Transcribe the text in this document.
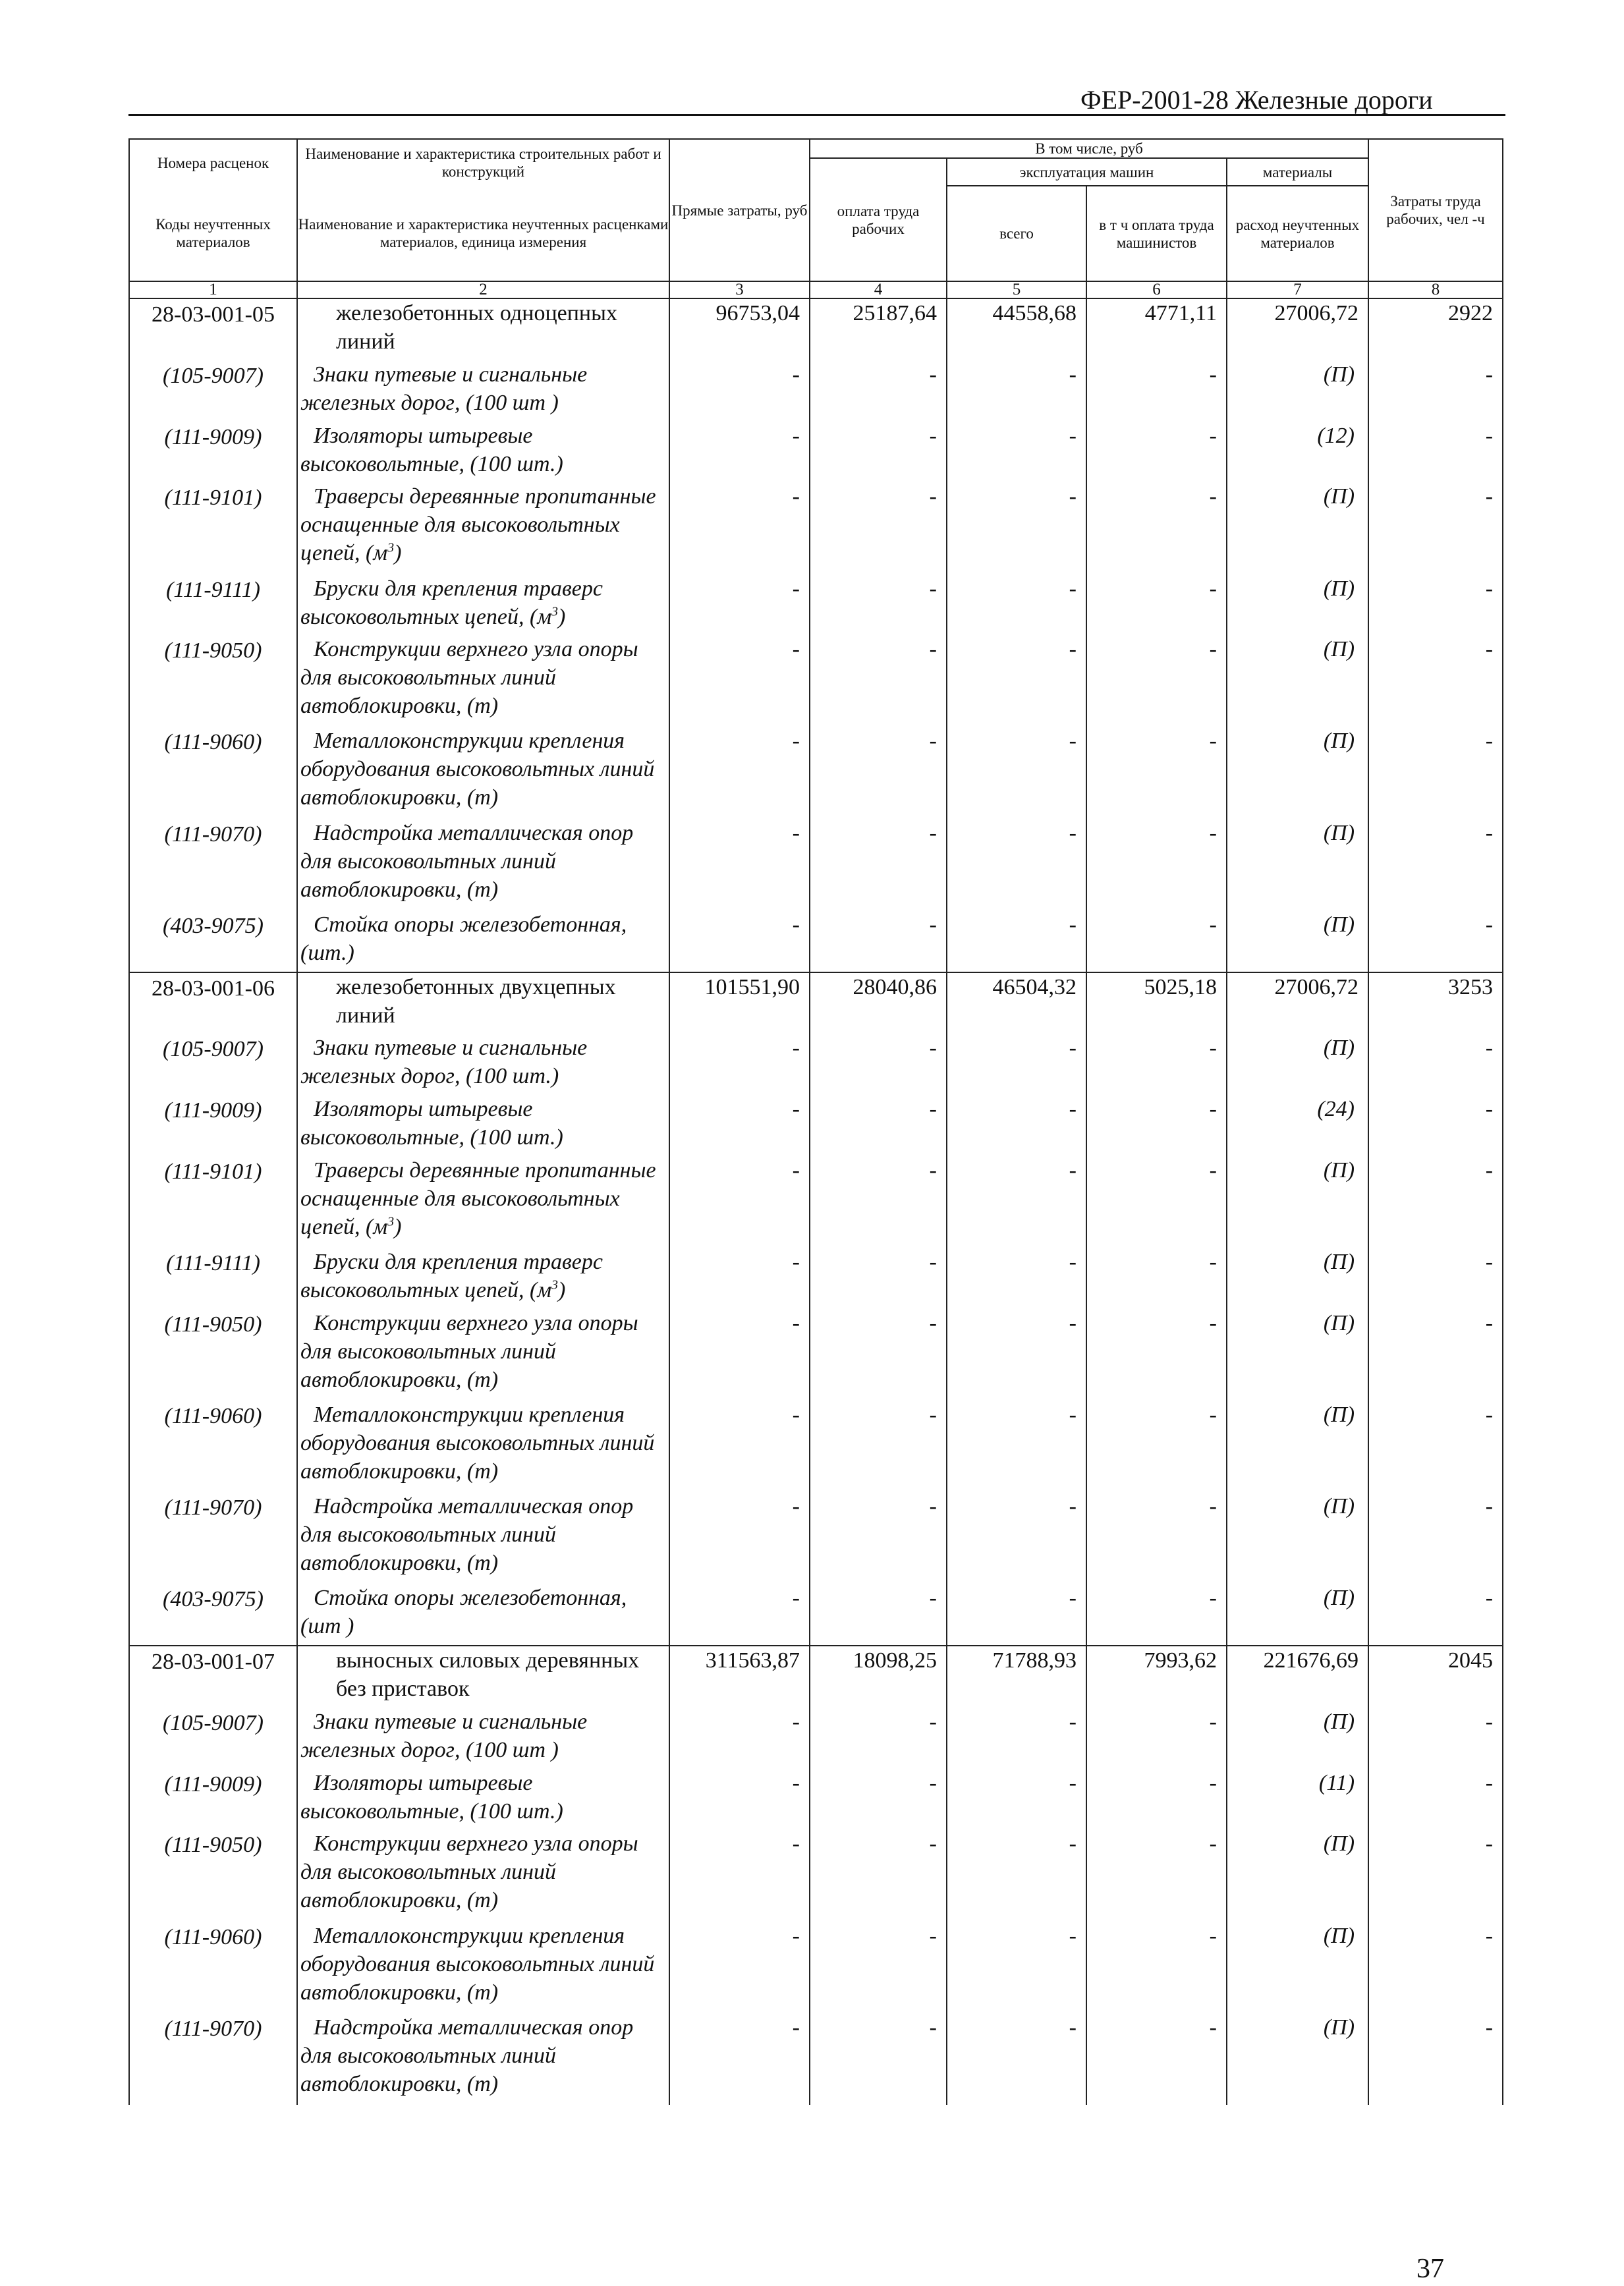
ФЕР-2001-28 Железные дороги
Номера расценок	Наименование и характеристика строительных работ и конструкций	Прямые затраты, руб	В том числе, руб				Затраты труда рабочих, чел -ч
			оплата труда рабочих	эксплуатация машин		материалы	
Коды неучтенных материалов	Наименование и характеристика неучтенных расценками материалов, единица измерения			всего	в т ч оплата труда машинистов	расход неучтенных материалов	

1	2	3	4	5	6	7	8
28-03-001-05	железобетонных одноцепных линий	96753,04	25187,64	44558,68	4771,11	27006,72	2922
(105-9007)	Знаки путевые и сигнальные железных дорог, (100 шт )	-	-	-	-	(П)	-
(111-9009)	Изоляторы штыревые высоковольтные, (100 шт.)	-	-	-	-	(12)	-
(111-9101)	Траверсы деревянные пропитанные оснащенные для высоковольтных цепей, $(м^3)$	-	-	-	-	(П)	-
(111-9111)	Бруски для крепления траверс высоковольтных цепей, $(м^3)$	-	-	-	-	(П)	-
(111-9050)	Конструкции верхнего узла опоры для высоковольтных линий автоблокировки, (т)	-	-	-	-	(П)	-
(111-9060)	Металлоконструкции крепления оборудования высоковольтных линий автоблокировки, (т)	-	-	-	-	(П)	-
(111-9070)	Надстройка металлическая опор для высоковольтных линий автоблокировки, (т)	-	-	-	-	(П)	-
(403-9075)	Стойка опоры железобетонная, (шт.)	-	-	-	-	(П)	-
28-03-001-06	железобетонных двухцепных линий	101551,90	28040,86	46504,32	5025,18	27006,72	3253
(105-9007)	Знаки путевые и сигнальные железных дорог, (100 шт.)	-	-	-	-	(П)	-
(111-9009)	Изоляторы штыревые высоковольтные, (100 шт.)	-	-	-	-	(24)	-
(111-9101)	Траверсы деревянные пропитанные оснащенные для высоковольтных цепей, $(м^3)$	-	-	-	-	(П)	-
(111-9111)	Бруски для крепления траверс высоковольтных цепей, $(м^3)$	-	-	-	-	(П)	-
(111-9050)	Конструкции верхнего узла опоры для высоковольтных линий автоблокировки, (т)	-	-	-	-	(П)	-
(111-9060)	Металлоконструкции крепления оборудования высоковольтных линий автоблокировки, (т)	-	-	-	-	(П)	-
(111-9070)	Надстройка металлическая опор для высоковольтных линий автоблокировки, (т)	-	-	-	-	(П)	-
(403-9075)	Стойка опоры железобетонная, (шт )	-	-	-	-	(П)	-
28-03-001-07	выносных силовых деревянных без приставок	311563,87	18098,25	71788,93	7993,62	221676,69	2045
(105-9007)	Знаки путевые и сигнальные железных дорог, (100 шт )	-	-	-	-	(П)	-
(111-9009)	Изоляторы штыревые высоковольтные, (100 шт.)	-	-	-	-	(11)	-
(111-9050)	Конструкции верхнего узла опоры для высоковольтных линий автоблокировки, (т)	-	-	-	-	(П)	-
(111-9060)	Металлоконструкции крепления оборудования высоковольтных линий автоблокировки, (т)	-	-	-	-	(П)	-
(111-9070)	Надстройка металлическая опор для высоковольтных линий автоблокировки, (т)	-	-	-	-	(П)	-

37
